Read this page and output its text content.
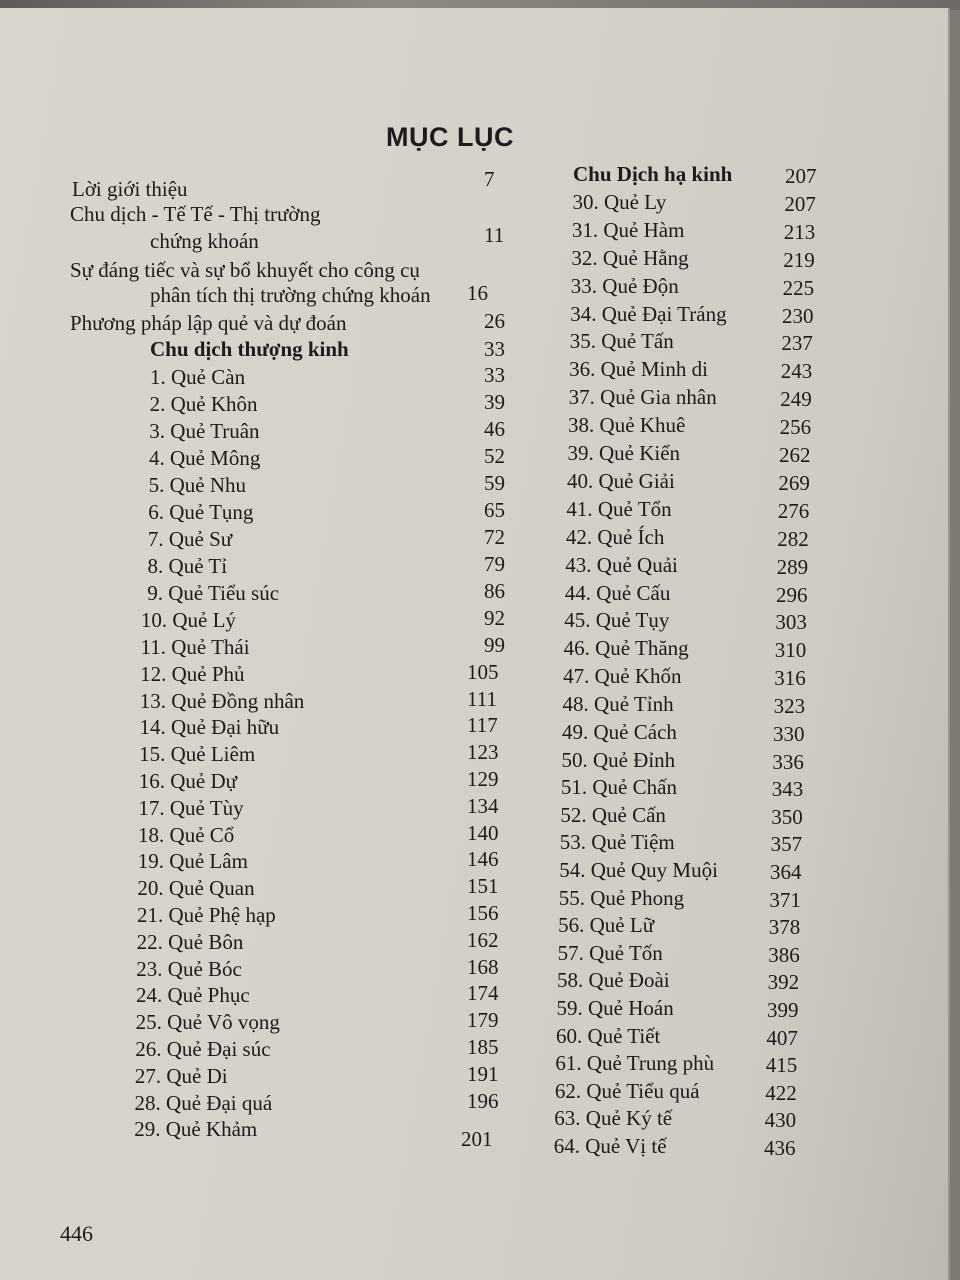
MỤC LỤC
Lời giới thiệu	7
Chu dịch - Tế Tế - Thị trường
chứng khoán	11
Sự đáng tiếc và sự bổ khuyết cho công cụ
phân tích thị trường chứng khoán 16
Phương pháp lập quẻ và dự đoán	26
Chu dịch thượng kinh	33
1. Quẻ Càn	33
2. Quẻ Khôn	39
3. Quẻ Truân	46
4. Quẻ Mông	52
5. Quẻ Nhu	59
6. Quẻ Tụng	65
7. Quẻ Sư	72
8. Quẻ Tỉ	79
9. Quẻ Tiểu súc	86
10. Quẻ Lý	92
11. Quẻ Thái	99
12. Quẻ Phủ	105
13. Quẻ Đồng nhân	111
14. Quẻ Đại hữu	117
15. Quẻ Liêm	123
16. Quẻ Dự	129
17. Quẻ Tùy	134
18. Quẻ Cổ	140
19. Quẻ Lâm	146
20. Quẻ Quan	151
21. Quẻ Phệ hạp	156
22. Quẻ Bôn	162
23. Quẻ Bóc	168
24. Quẻ Phục	174
25. Quẻ Vô vọng	179
26. Quẻ Đại súc	185
27. Quẻ Di	191
28. Quẻ Đại quá	196
29. Quẻ Khảm	201
Chu Dịch hạ kinh	207
30. Quẻ Ly	207
31. Quẻ Hàm	213
32. Quẻ Hằng	219
33. Quẻ Độn	225
34. Quẻ Đại Tráng	230
35. Quẻ Tấn	237
36. Quẻ Minh di	243
37. Quẻ Gia nhân	249
38. Quẻ Khuê	256
39. Quẻ Kiển	262
40. Quẻ Giải	269
41. Quẻ Tổn	276
42. Quẻ Ích	282
43. Quẻ Quải	289
44. Quẻ Cấu	296
45. Quẻ Tụy	303
46. Quẻ Thăng	310
47. Quẻ Khốn	316
48. Quẻ Tỉnh	323
49. Quẻ Cách	330
50. Quẻ Đỉnh	336
51. Quẻ Chấn	343
52. Quẻ Cấn	350
53. Quẻ Tiệm	357
54. Quẻ Quy Muội 364
55. Quẻ Phong	371
56. Quẻ Lữ	378
57. Quẻ Tốn	386
58. Quẻ Đoài	392
59. Quẻ Hoán	399
60. Quẻ Tiết	407
61. Quẻ Trung phù 415
62. Quẻ Tiểu quá	422
63. Quẻ Ký tế	430
64. Quẻ Vị tế	436
446
